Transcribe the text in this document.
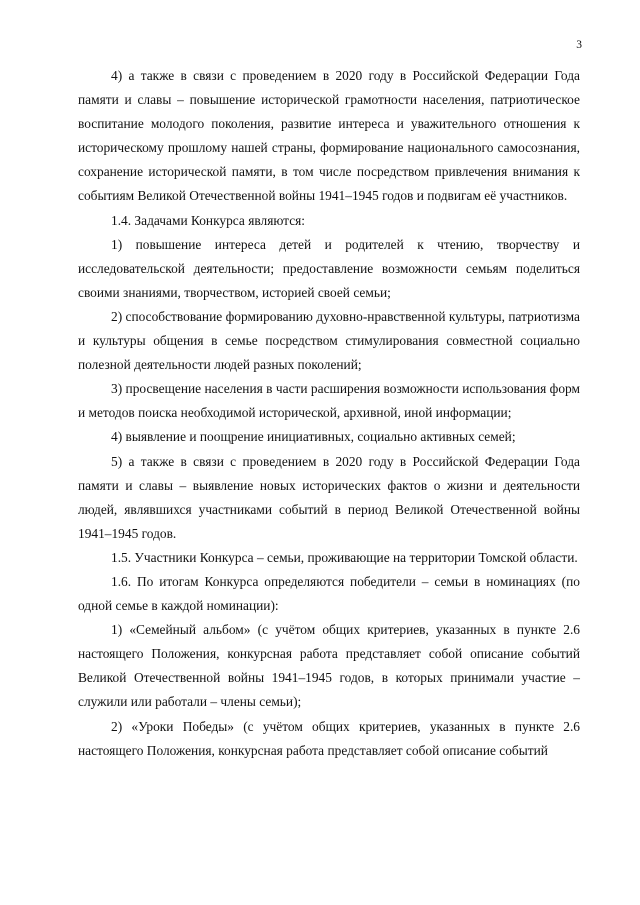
3

4) а также в связи с проведением в 2020 году в Российской Федерации Года памяти и славы – повышение исторической грамотности населения, патриотическое воспитание молодого поколения, развитие интереса и уважительного отношения к историческому прошлому нашей страны, формирование национального самосознания, сохранение исторической памяти, в том числе посредством привлечения внимания к событиям Великой Отечественной войны 1941–1945 годов и подвигам её участников.

1.4. Задачами Конкурса являются:

1) повышение интереса детей и родителей к чтению, творчеству и исследовательской деятельности; предоставление возможности семьям поделиться своими знаниями, творчеством, историей своей семьи;

2) способствование формированию духовно-нравственной культуры, патриотизма и культуры общения в семье посредством стимулирования совместной социально полезной деятельности людей разных поколений;

3) просвещение населения в части расширения возможности использования форм и методов поиска необходимой исторической, архивной, иной информации;

4) выявление и поощрение инициативных, социально активных семей;

5) а также в связи с проведением в 2020 году в Российской Федерации Года памяти и славы – выявление новых исторических фактов о жизни и деятельности людей, являвшихся участниками событий в период Великой Отечественной войны 1941–1945 годов.

1.5. Участники Конкурса – семьи, проживающие на территории Томской области.

1.6. По итогам Конкурса определяются победители – семьи в номинациях (по одной семье в каждой номинации):

1) «Семейный альбом» (с учётом общих критериев, указанных в пункте 2.6 настоящего Положения, конкурсная работа представляет собой описание событий Великой Отечественной войны 1941–1945 годов, в которых принимали участие – служили или работали – члены семьи);

2) «Уроки Победы» (с учётом общих критериев, указанных в пункте 2.6 настоящего Положения, конкурсная работа представляет собой описание событий
